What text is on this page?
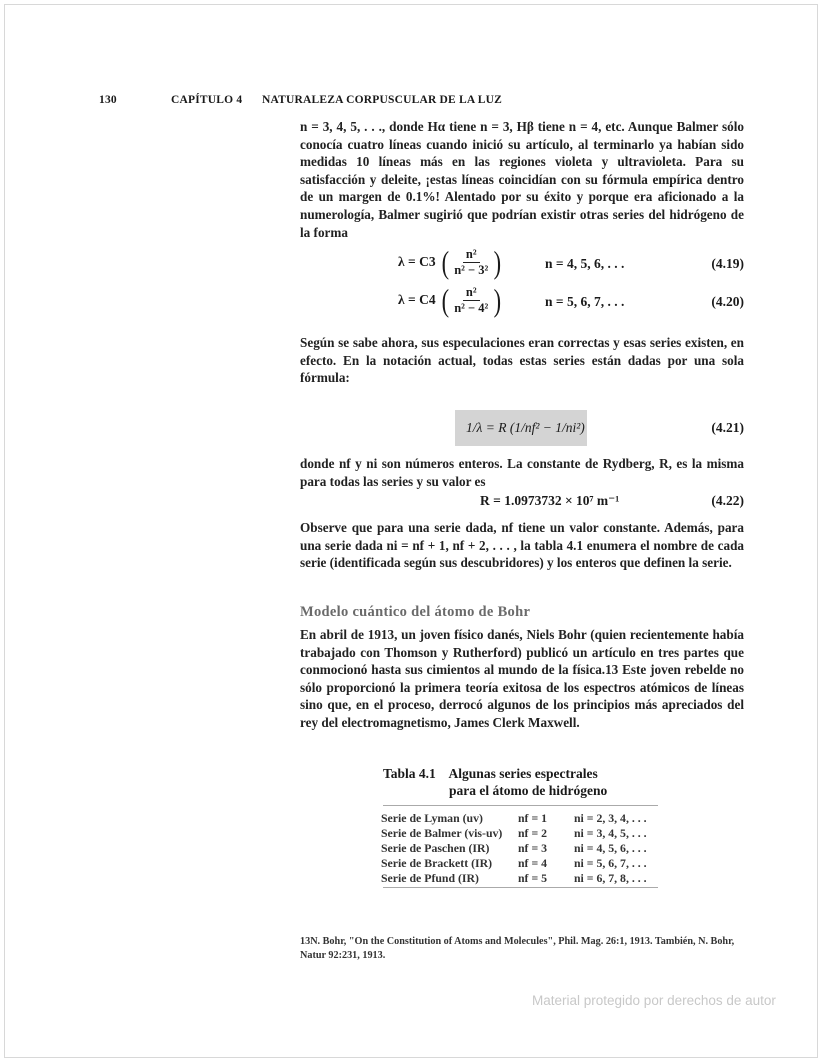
130	CAPÍTULO 4 NATURALEZA CORPUSCULAR DE LA LUZ

n = 3, 4, 5, . . ., donde Hα tiene n = 3, Hβ tiene n = 4, etc. Aunque Balmer sólo conocía cuatro líneas cuando inició su artículo, al terminarlo ya habían sido medidas 10 líneas más en las regiones violeta y ultravioleta. Para su satisfacción y deleite, ¡estas líneas coincidían con su fórmula empírica dentro de un margen de 0.1%! Alentado por su éxito y porque era aficionado a la numerología, Balmer sugirió que podrían existir otras series del hidrógeno de la forma

λ = C3 ( $\frac{\text{n²}}{\text{n² − 3²}}$ )	n = 4, 5, 6, . . .	(4.19)
λ = C4 ( $\frac{\text{n²}}{\text{n² − 4²}}$ )	n = 5, 6, 7, . . .	(4.20)

Según se sabe ahora, sus especulaciones eran correctas y esas series existen, en efecto. En la notación actual, todas estas series están dadas por una sola fórmula:

1/λ = R (1/nf² − 1/ni²)	(4.21)

donde nf y ni son números enteros. La constante de Rydberg, R, es la misma para todas las series y su valor es

R = 1.0973732 × 10⁷ m⁻¹	(4.22)

Observe que para una serie dada, nf tiene un valor constante. Además, para una serie dada ni = nf + 1, nf + 2, . . . , la tabla 4.1 enumera el nombre de cada serie (identificada según sus descubridores) y los enteros que definen la serie.

Modelo cuántico del átomo de Bohr

En abril de 1913, un joven físico danés, Niels Bohr (quien recientemente había trabajado con Thomson y Rutherford) publicó un artículo en tres partes que conmocionó hasta sus cimientos al mundo de la física.13 Este joven rebelde no sólo proporcionó la primera teoría exitosa de los espectros atómicos de líneas sino que, en el proceso, derrocó algunos de los principios más apreciados del rey del electromagnetismo, James Clerk Maxwell.

Tabla 4.1 Algunas series espectrales
para el átomo de hidrógeno
Serie de Lyman (uv)	nf = 1	ni = 2, 3, 4, . . .
Serie de Balmer (vis-uv)	nf = 2	ni = 3, 4, 5, . . .
Serie de Paschen (IR)	nf = 3	ni = 4, 5, 6, . . .
Serie de Brackett (IR)	nf = 4	ni = 5, 6, 7, . . .
Serie de Pfund (IR)	nf = 5	ni = 6, 7, 8, . . .

13N. Bohr, "On the Constitution of Atoms and Molecules", Phil. Mag. 26:1, 1913. También, N. Bohr, Natur 92:231, 1913.

Material protegido por derechos de autor
